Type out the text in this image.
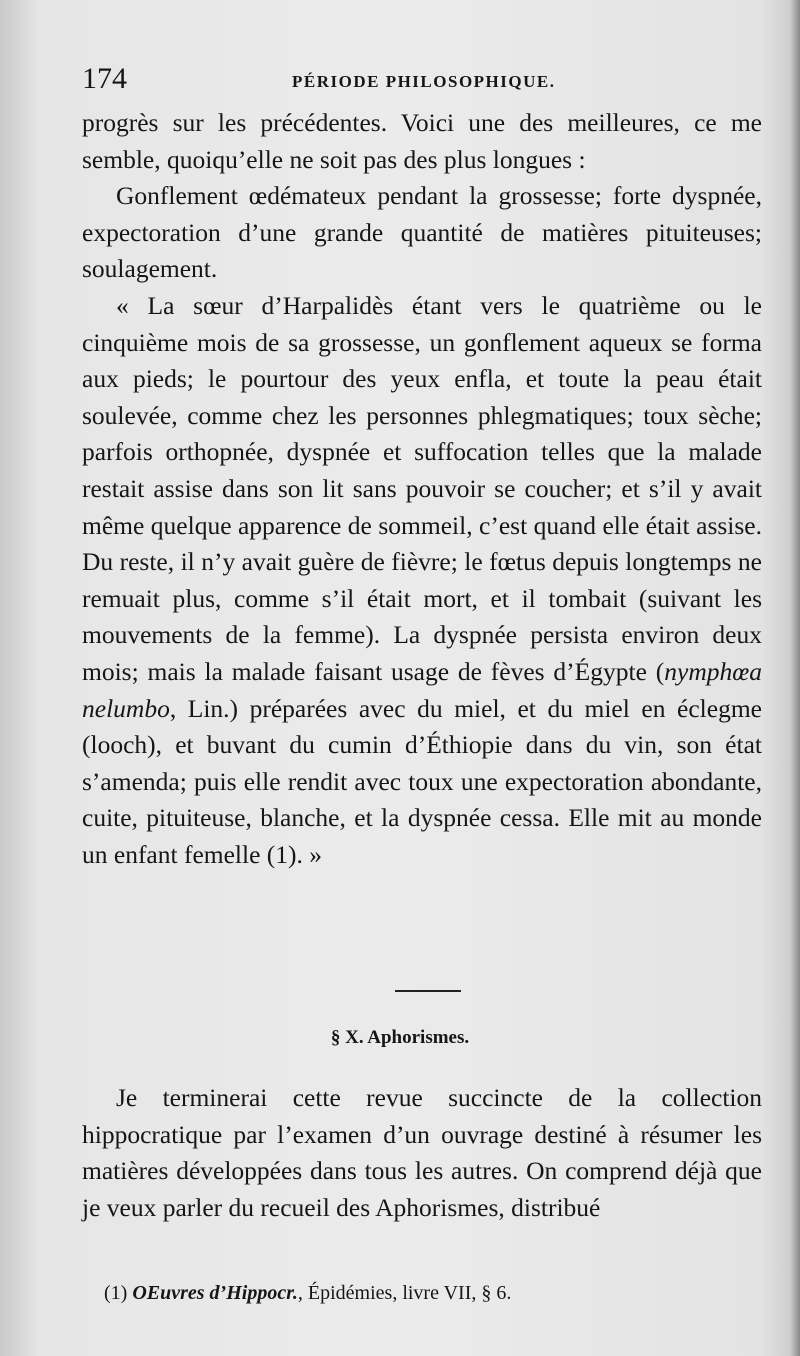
174	PÉRIODE PHILOSOPHIQUE.

progrès sur les précédentes. Voici une des meilleures, ce me semble, quoiqu’elle ne soit pas des plus longues :

Gonflement œdémateux pendant la grossesse; forte dyspnée, expectoration d’une grande quantité de matières pituiteuses; soulagement.

« La sœur d’Harpalidès étant vers le quatrième ou le cinquième mois de sa grossesse, un gonflement aqueux se forma aux pieds; le pourtour des yeux enfla, et toute la peau était soulevée, comme chez les personnes phlegmatiques; toux sèche; parfois orthopnée, dyspnée et suffocation telles que la malade restait assise dans son lit sans pouvoir se coucher; et s’il y avait même quelque apparence de sommeil, c’est quand elle était assise. Du reste, il n’y avait guère de fièvre; le fœtus depuis longtemps ne remuait plus, comme s’il était mort, et il tombait (suivant les mouvements de la femme). La dyspnée persista environ deux mois; mais la malade faisant usage de fèves d’Égypte (nymphœa nelumbo, Lin.) préparées avec du miel, et du miel en éclegme (looch), et buvant du cumin d’Éthiopie dans du vin, son état s’amenda; puis elle rendit avec toux une expectoration abondante, cuite, pituiteuse, blanche, et la dyspnée cessa. Elle mit au monde un enfant femelle (1). »

§ X. Aphorismes.

Je terminerai cette revue succincte de la collection hippocratique par l’examen d’un ouvrage destiné à résumer les matières développées dans tous les autres. On comprend déjà que je veux parler du recueil des Aphorismes, distribué

(1) OEuvres d’Hippocr., Épidémies, livre VII, § 6.
